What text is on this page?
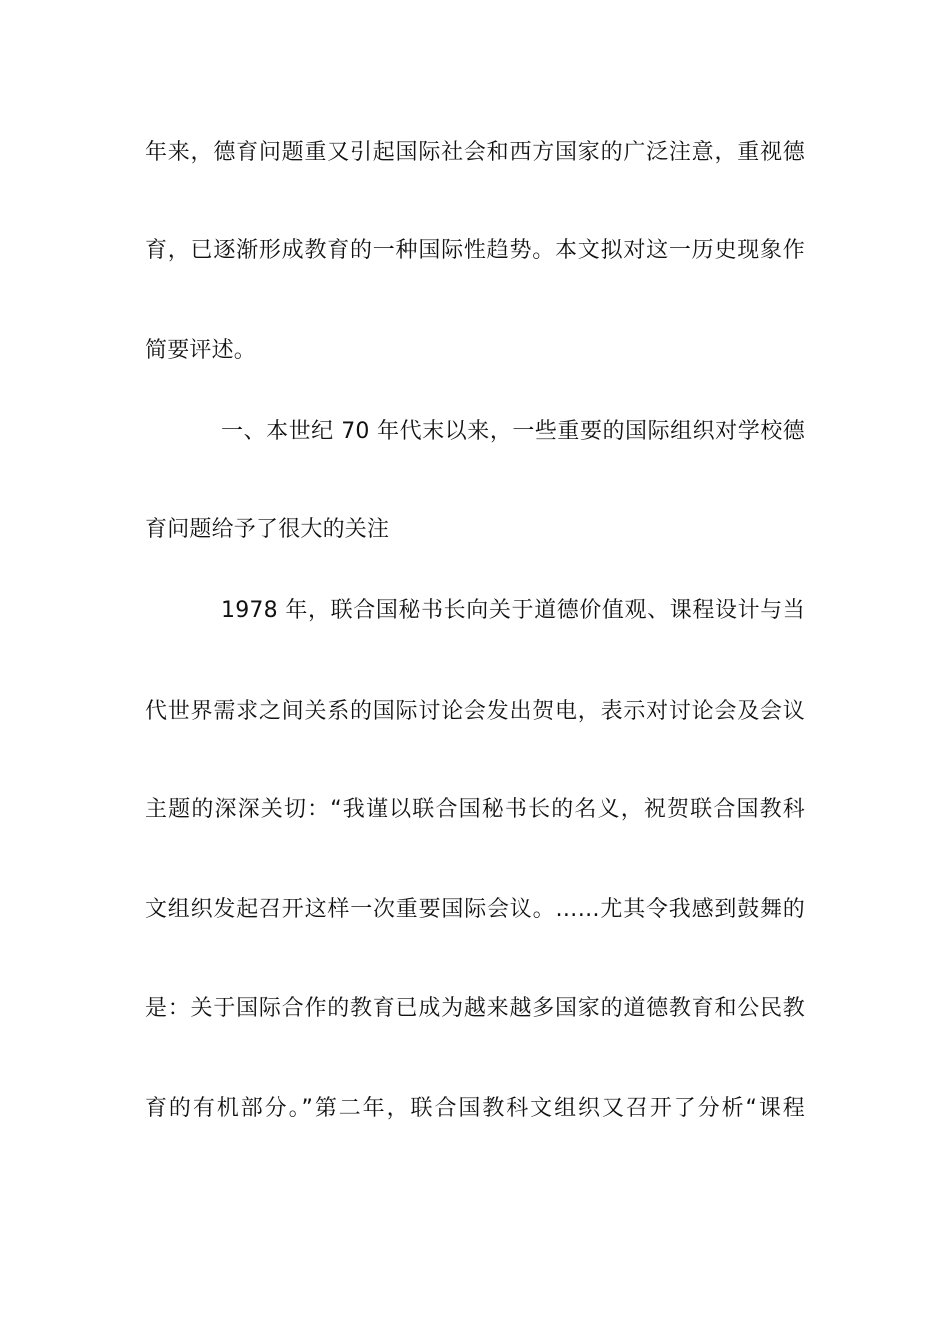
年来，德育问题重又引起国际社会和西方国家的广泛注意，重视德
育，已逐渐形成教育的一种国际性趋势。本文拟对这一历史现象作
简要评述。
一、本世纪 70 年代末以来，一些重要的国际组织对学校德
育问题给予了很大的关注
1978 年，联合国秘书长向关于道德价值观、课程设计与当
代世界需求之间关系的国际讨论会发出贺电，表示对讨论会及会议
主题的深深关切：“我谨以联合国秘书长的名义，祝贺联合国教科
文组织发起召开这样一次重要国际会议。……尤其令我感到鼓舞的
是：关于国际合作的教育已成为越来越多国家的道德教育和公民教
育的有机部分。”第二年，联合国教科文组织又召开了分析“课程
